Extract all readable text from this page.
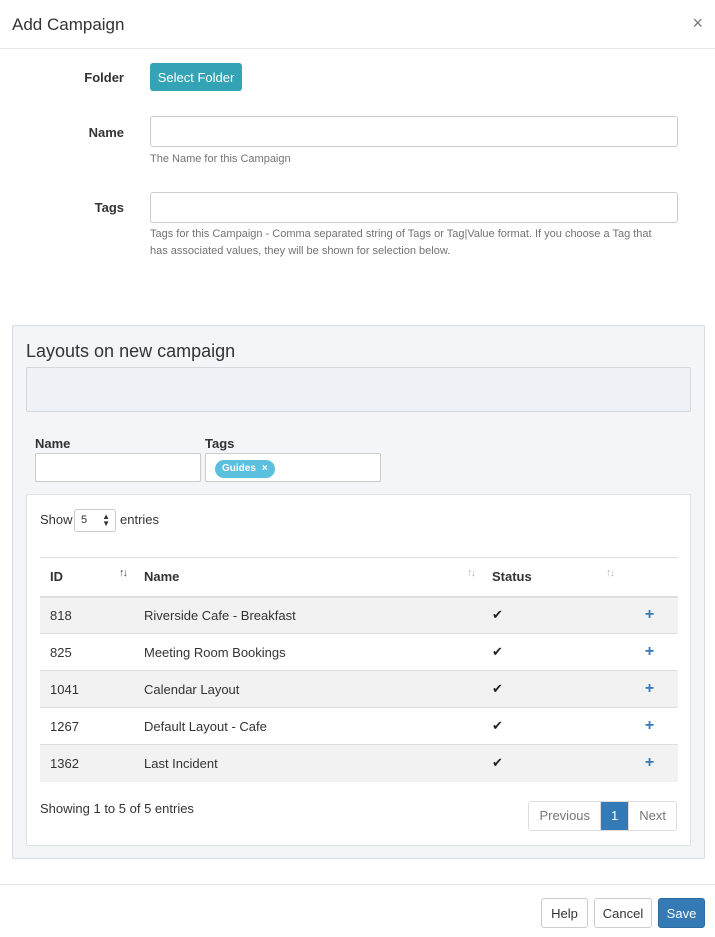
Add Campaign	×
Folder	Select Folder
Name
The Name for this Campaign
Tags
Tags for this Campaign - Comma separated string of Tags or Tag|Value format. If you choose a Tag that has associated values, they will be shown for selection below.
Layouts on new campaign
Name	Tags
Guides ×
Show 5 ▲
▼ entries
ID ↑↓	Name ↑↓	Status ↑↓	

818	Riverside Cafe - Breakfast	✔	+
825	Meeting Room Bookings	✔	+
1041	Calendar Layout	✔	+
1267	Default Layout - Cafe	✔	+
1362	Last Incident	✔	+
Showing 1 to 5 of 5 entries	Previous	1	Next
Help	Cancel	Save
